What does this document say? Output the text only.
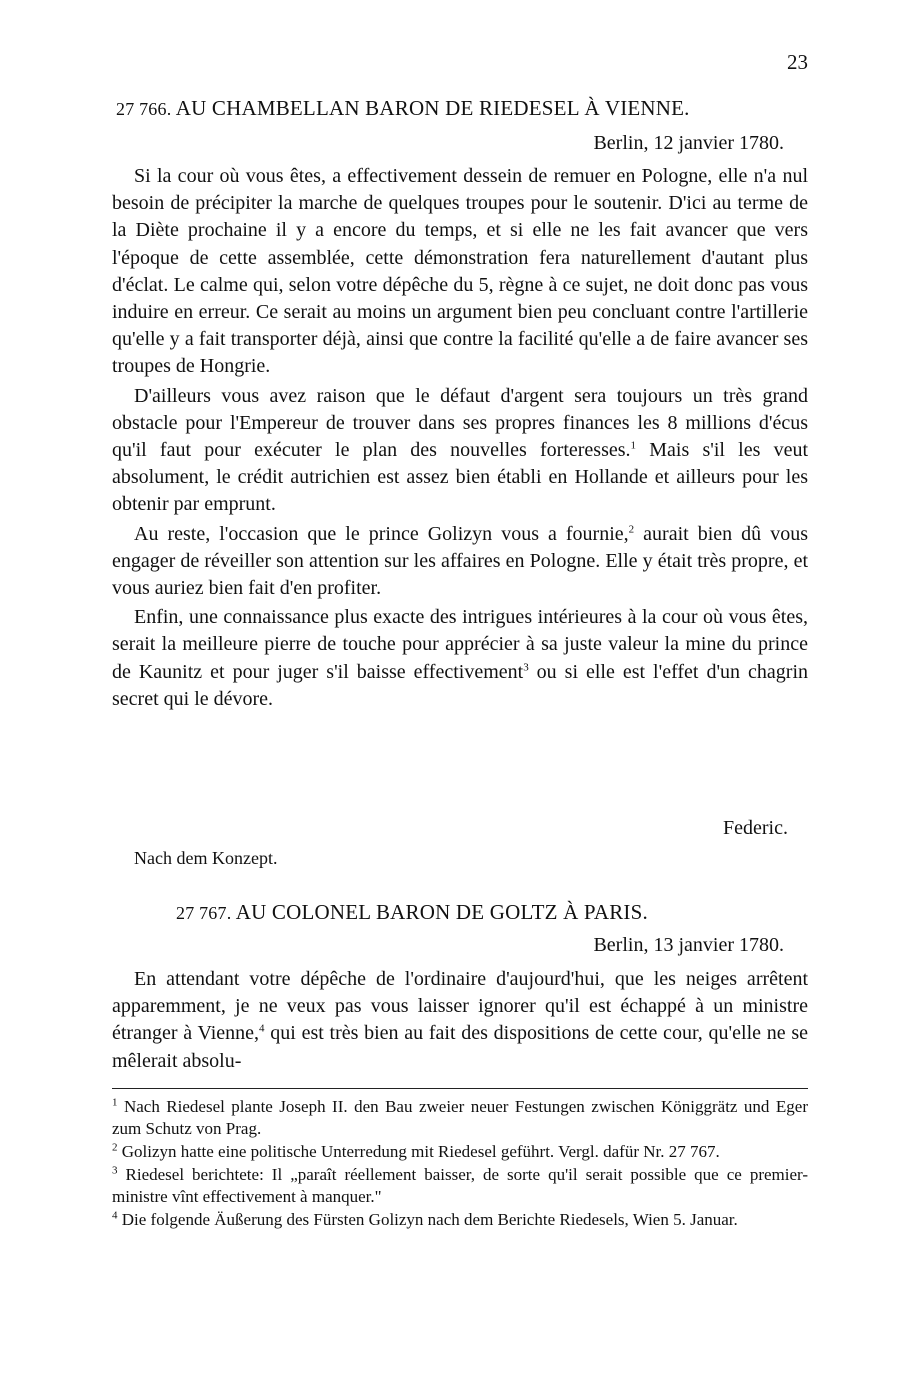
23
27 766. AU CHAMBELLAN BARON DE RIEDESEL À VIENNE.
Berlin, 12 janvier 1780.

Si la cour où vous êtes, a effectivement dessein de remuer en Pologne, elle n'a nul besoin de précipiter la marche de quelques troupes pour le soutenir. D'ici au terme de la Diète prochaine il y a encore du temps, et si elle ne les fait avancer que vers l'époque de cette assemblée, cette démonstration fera naturellement d'autant plus d'éclat. Le calme qui, selon votre dépêche du 5, règne à ce sujet, ne doit donc pas vous induire en erreur. Ce serait au moins un argument bien peu concluant contre l'artillerie qu'elle y a fait transporter déjà, ainsi que contre la facilité qu'elle a de faire avancer ses troupes de Hongrie.

D'ailleurs vous avez raison que le défaut d'argent sera toujours un très grand obstacle pour l'Empereur de trouver dans ses propres finances les 8 millions d'écus qu'il faut pour exécuter le plan des nouvelles forteresses.$^1$ Mais s'il les veut absolument, le crédit autrichien est assez bien établi en Hollande et ailleurs pour les obtenir par emprunt.

Au reste, l'occasion que le prince Golizyn vous a fournie,$^2$ aurait bien dû vous engager de réveiller son attention sur les affaires en Pologne. Elle y était très propre, et vous auriez bien fait d'en profiter.

Enfin, une connaissance plus exacte des intrigues intérieures à la cour où vous êtes, serait la meilleure pierre de touche pour apprécier à sa juste valeur la mine du prince de Kaunitz et pour juger s'il baisse effectivement$^3$ ou si elle est l'effet d'un chagrin secret qui le dévore.

Federic.
Nach dem Konzept.
27 767. AU COLONEL BARON DE GOLTZ À PARIS.
Berlin, 13 janvier 1780.

En attendant votre dépêche de l'ordinaire d'aujourd'hui, que les neiges arrêtent apparemment, je ne veux pas vous laisser ignorer qu'il est échappé à un ministre étranger à Vienne,$^4$ qui est très bien au fait des dispositions de cette cour, qu'elle ne se mêlerait absolu-

$^1$ Nach Riedesel plante Joseph II. den Bau zweier neuer Festungen zwischen Königgrätz und Eger zum Schutz von Prag.

$^2$ Golizyn hatte eine politische Unterredung mit Riedesel geführt. Vergl. dafür Nr. 27 767.

$^3$ Riedesel berichtete: Il „paraît réellement baisser, de sorte qu'il serait possible que ce premier-ministre vînt effectivement à manquer."

$^4$ Die folgende Äußerung des Fürsten Golizyn nach dem Berichte Riedesels, Wien 5. Januar.
